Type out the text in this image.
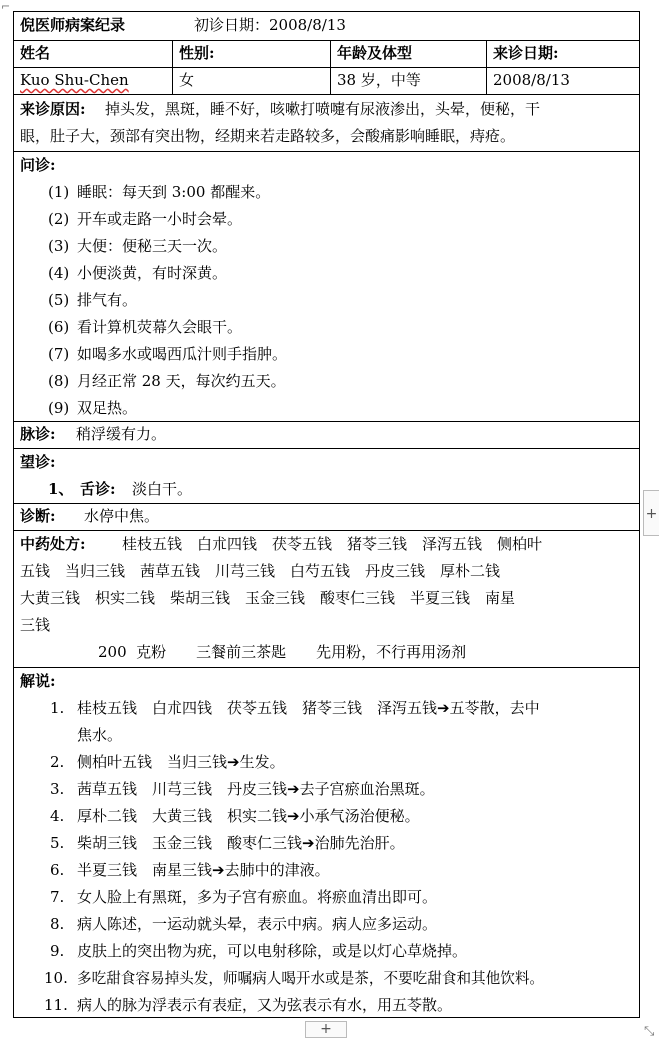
倪医师病案纪录	初诊日期：2008/8/13
姓名	性别:	年龄及体型	来诊日期:
Kuo Shu-Chen	女	38 岁，中等	2008/8/13
来诊原因: 掉头发，黑斑，睡不好，咳嗽打喷嚏有尿液渗出，头晕，便秘，干
眼，肚子大，颈部有突出物，经期来若走路较多，会酸痛影响睡眠，痔疮。
问诊:
(1) 睡眠：每天到 3:00 都醒来。
(2) 开车或走路一小时会晕。
(3) 大便：便秘三天一次。
(4) 小便淡黄，有时深黄。
(5) 排气有。
(6) 看计算机荧幕久会眼干。
(7) 如喝多水或喝西瓜汁则手指肿。
(8) 月经正常 28 天，每次约五天。
(9) 双足热。
脉诊: 稍浮缓有力。
望诊:
1、 舌诊: 淡白干。
诊断: 水停中焦。
中药处方: 桂枝五钱　白朮四钱　茯苓五钱　猪苓三钱　泽泻五钱　侧柏叶
五钱　当归三钱　茜草五钱　川芎三钱　白芍五钱　丹皮三钱　厚朴二钱
大黄三钱　枳实二钱　柴胡三钱　玉金三钱　酸枣仁三钱　半夏三钱　南星
三钱
200  克粉　　三餐前三茶匙　　先用粉，不行再用汤剂
解说:
1. 桂枝五钱　白朮四钱　茯苓五钱　猪苓三钱　泽泻五钱➔五苓散，去中
焦水。
2. 侧柏叶五钱　当归三钱➔生发。
3. 茜草五钱　川芎三钱　丹皮三钱➔去子宫瘀血治黑斑。
4. 厚朴二钱　大黄三钱　枳实二钱➔小承气汤治便秘。
5. 柴胡三钱　玉金三钱　酸枣仁三钱➔治肺先治肝。
6. 半夏三钱　南星三钱➔去肺中的津液。
7. 女人脸上有黑斑，多为子宫有瘀血。将瘀血清出即可。
8. 病人陈述，一运动就头晕，表示中病。病人应多运动。
9. 皮肤上的突出物为疣，可以电射移除，或是以灯心草烧掉。
10. 多吃甜食容易掉头发，师嘱病人喝开水或是茶，不要吃甜食和其他饮料。
11. 病人的脉为浮表示有表症，又为弦表示有水，用五苓散。
⌐
+
+	⤡
